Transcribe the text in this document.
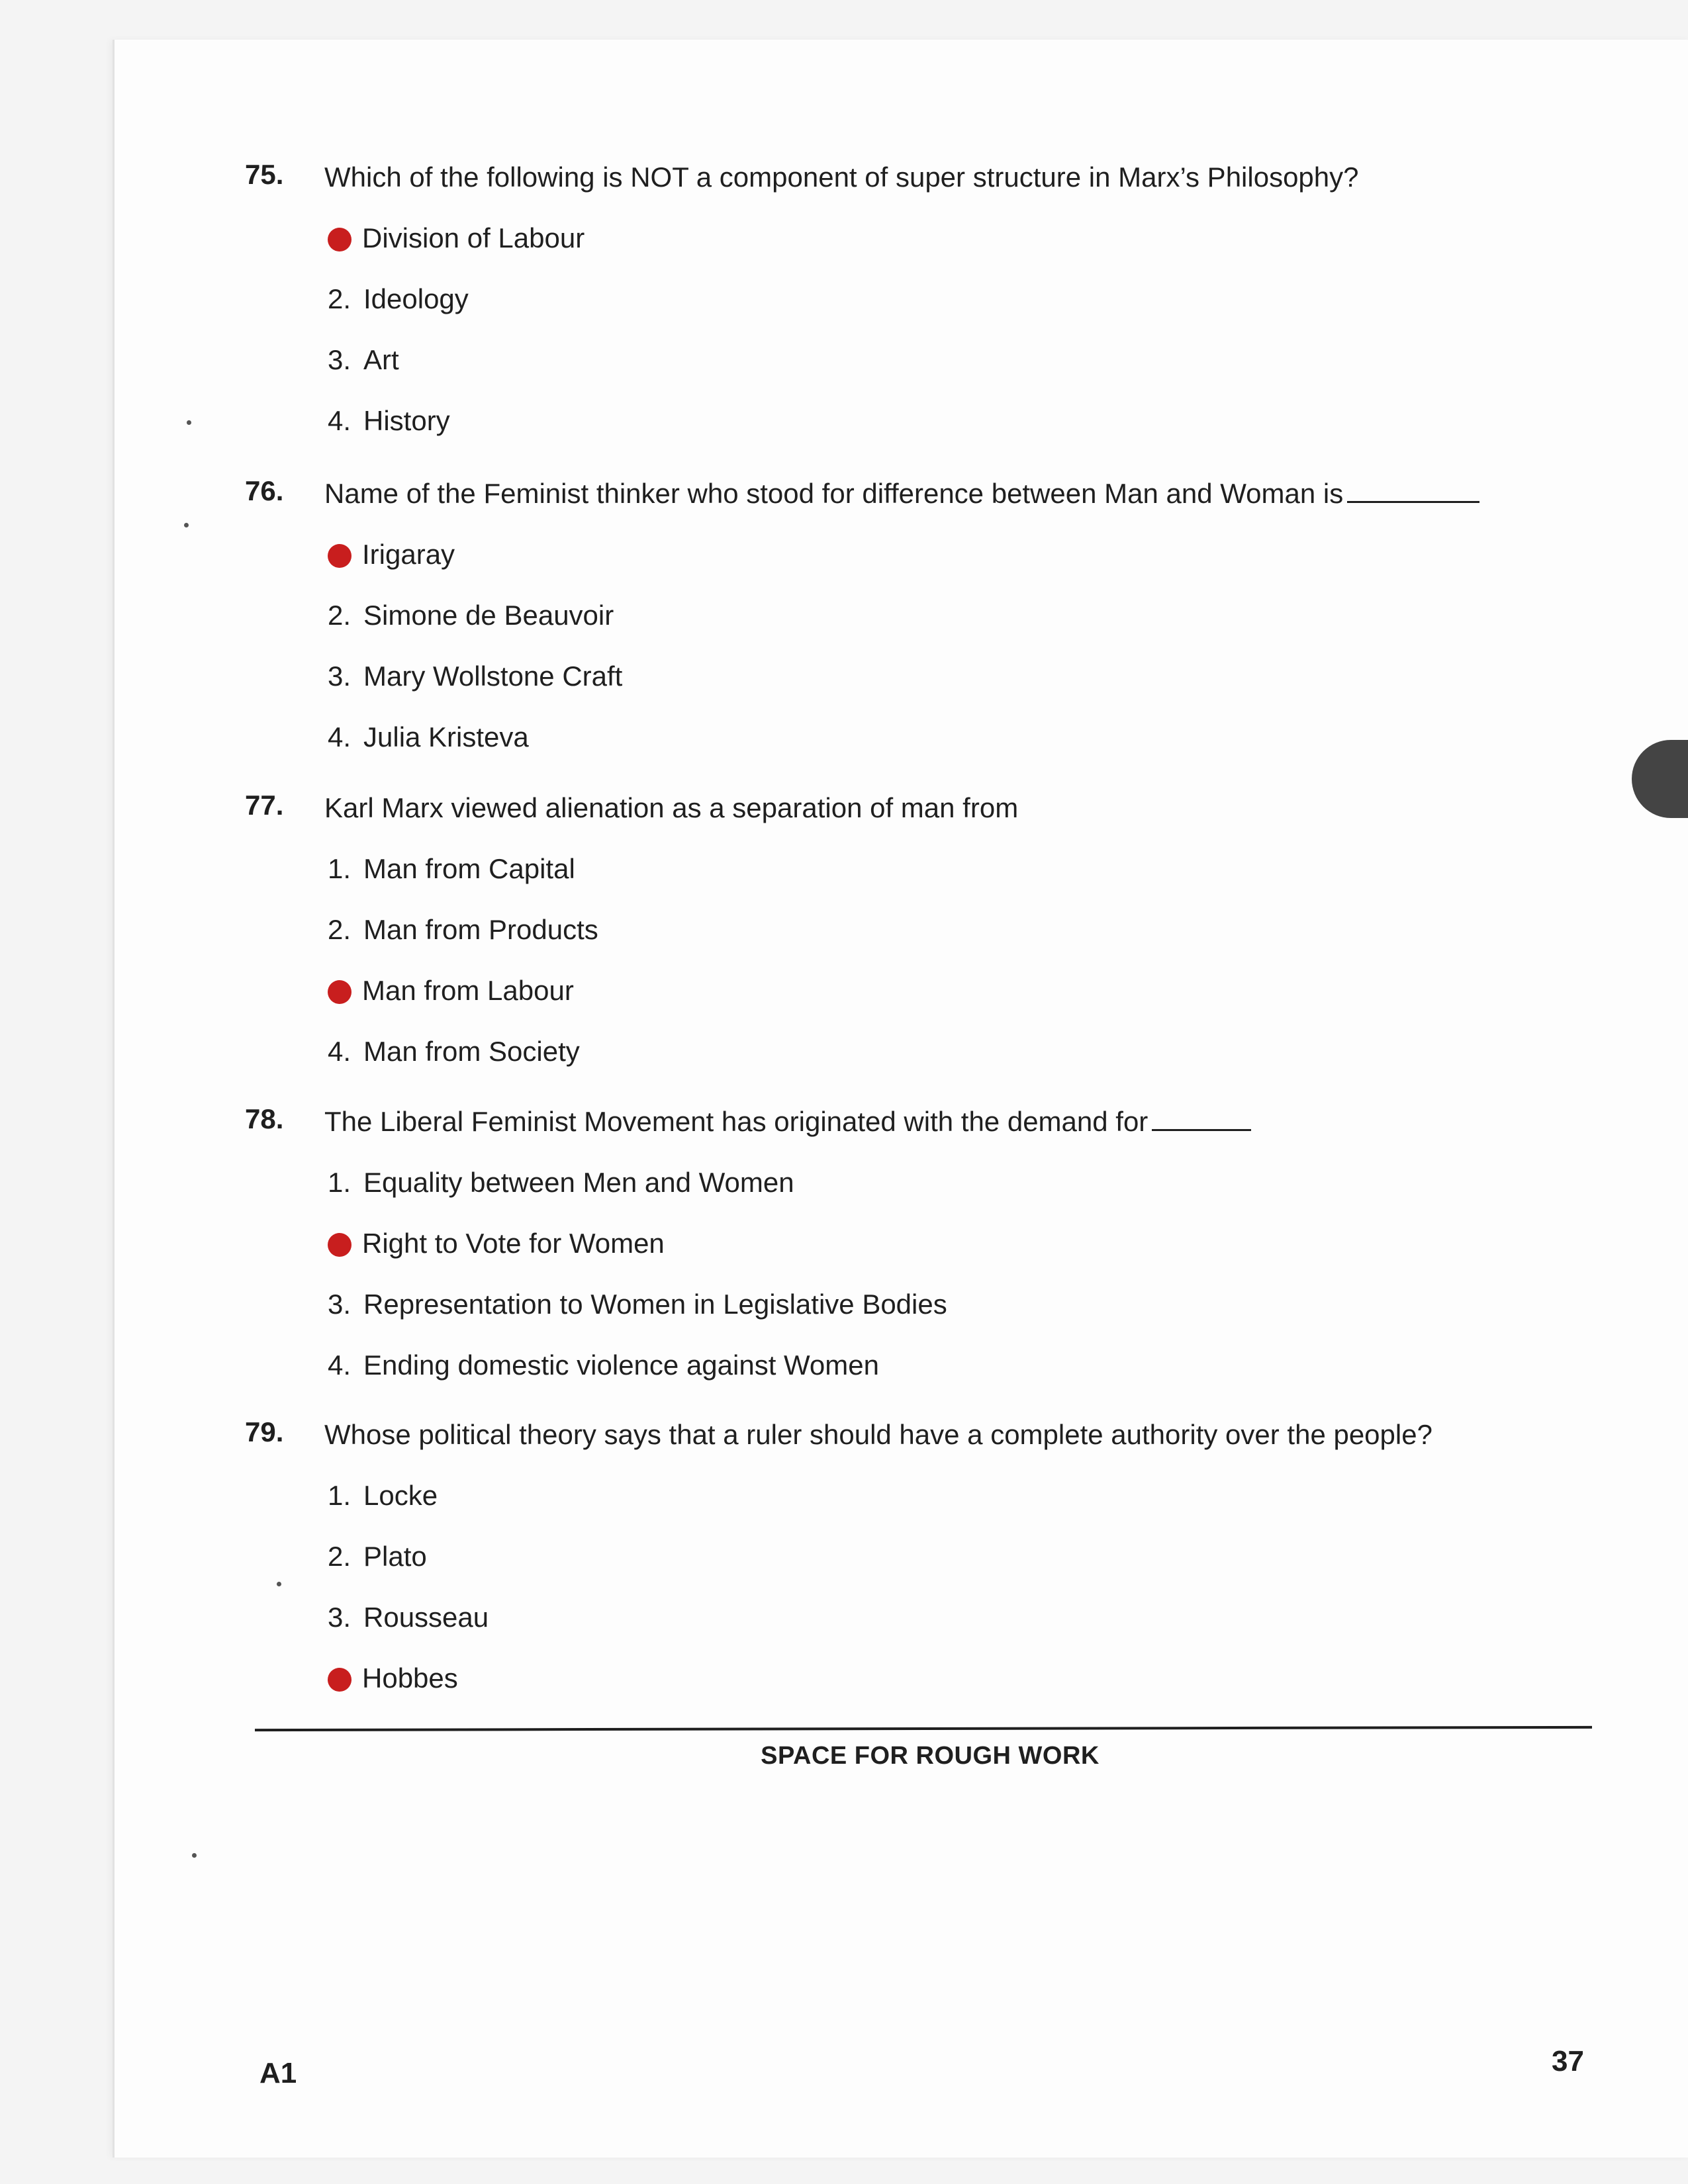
75.	Which of the following is NOT a component of super structure in Marx’s Philosophy?
Division of Labour
2. Ideology
3. Art
4. History
76.	Name of the Feminist thinker who stood for difference between Man and Woman is
Irigaray
2. Simone de Beauvoir
3. Mary Wollstone Craft
4. Julia Kristeva
77.	Karl Marx viewed alienation as a separation of man from
1. Man from Capital
2. Man from Products
Man from Labour
4. Man from Society
78.	The Liberal Feminist Movement has originated with the demand for
1. Equality between Men and Women
Right to Vote for Women
3. Representation to Women in Legislative Bodies
4. Ending domestic violence against Women
79.	Whose political theory says that a ruler should have a complete authority over the people?
1. Locke
2. Plato
3. Rousseau
Hobbes
SPACE FOR ROUGH WORK
A1	37
